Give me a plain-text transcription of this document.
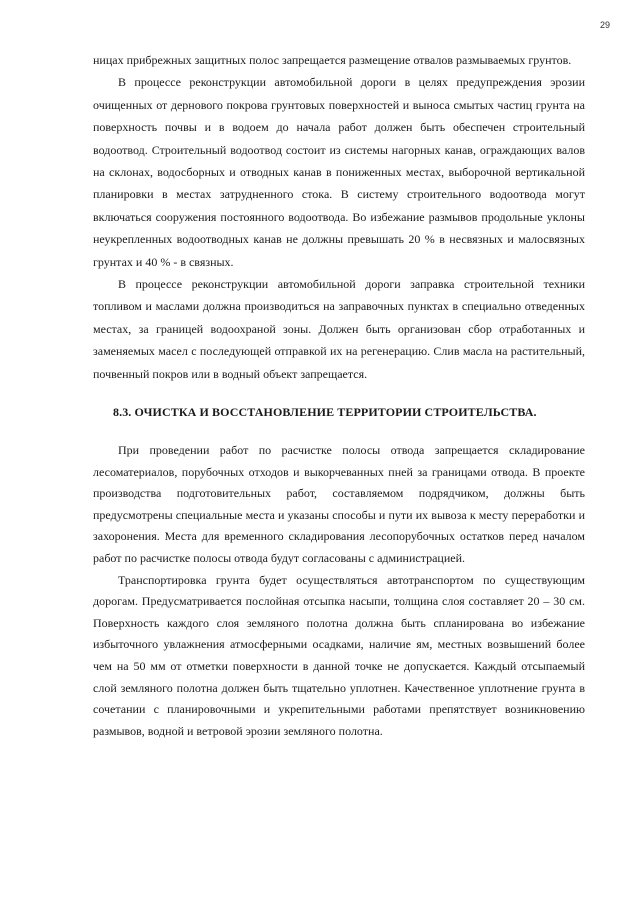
29

ницах прибрежных защитных полос запрещается размещение отвалов размываемых грунтов.

В процессе реконструкции автомобильной дороги в целях предупреждения эрозии очищенных от дернового покрова грунтовых поверхностей и выноса смытых частиц грунта на поверхность почвы и в водоем до начала работ должен быть обеспечен строительный водоотвод. Строительный водоотвод состоит из системы нагорных канав, ограждающих валов на склонах, водосборных и отводных канав в пониженных местах, выборочной вертикальной планировки в местах затрудненного стока. В систему строительного водоотвода могут включаться сооружения постоянного водоотвода. Во избежание размывов продольные уклоны неукрепленных водоотводных канав не должны превышать 20 % в несвязных и малосвязных грунтах и 40 % - в связных.

В процессе реконструкции автомобильной дороги заправка строительной техники топливом и маслами должна производиться на заправочных пунктах в специально отведенных местах, за границей водоохраной зоны. Должен быть организован сбор отработанных и заменяемых масел с последующей отправкой их на регенерацию. Слив масла на растительный, почвенный покров или в водный объект запрещается.

8.3. ОЧИСТКА И ВОССТАНОВЛЕНИЕ ТЕРРИТОРИИ СТРОИТЕЛЬСТВА.

При проведении работ по расчистке полосы отвода запрещается складирование лесоматериалов, порубочных отходов и выкорчеванных пней за границами отвода. В проекте производства подготовительных работ, составляемом подрядчиком, должны быть предусмотрены специальные места и указаны способы и пути их вывоза к месту переработки и захоронения. Места для временного складирования лесопорубочных остатков перед началом работ по расчистке полосы отвода будут согласованы с администрацией.

Транспортировка грунта будет осуществляться автотранспортом по существующим дорогам. Предусматривается послойная отсыпка насыпи, толщина слоя составляет 20 – 30 см. Поверхность каждого слоя земляного полотна должна быть спланирована во избежание избыточного увлажнения атмосферными осадками, наличие ям, местных возвышений более чем на 50 мм от отметки поверхности в данной точке не допускается. Каждый отсыпаемый слой земляного полотна должен быть тщательно уплотнен. Качественное уплотнение грунта в сочетании с планировочными и укрепительными работами препятствует возникновению размывов, водной и ветровой эрозии земляного полотна.
